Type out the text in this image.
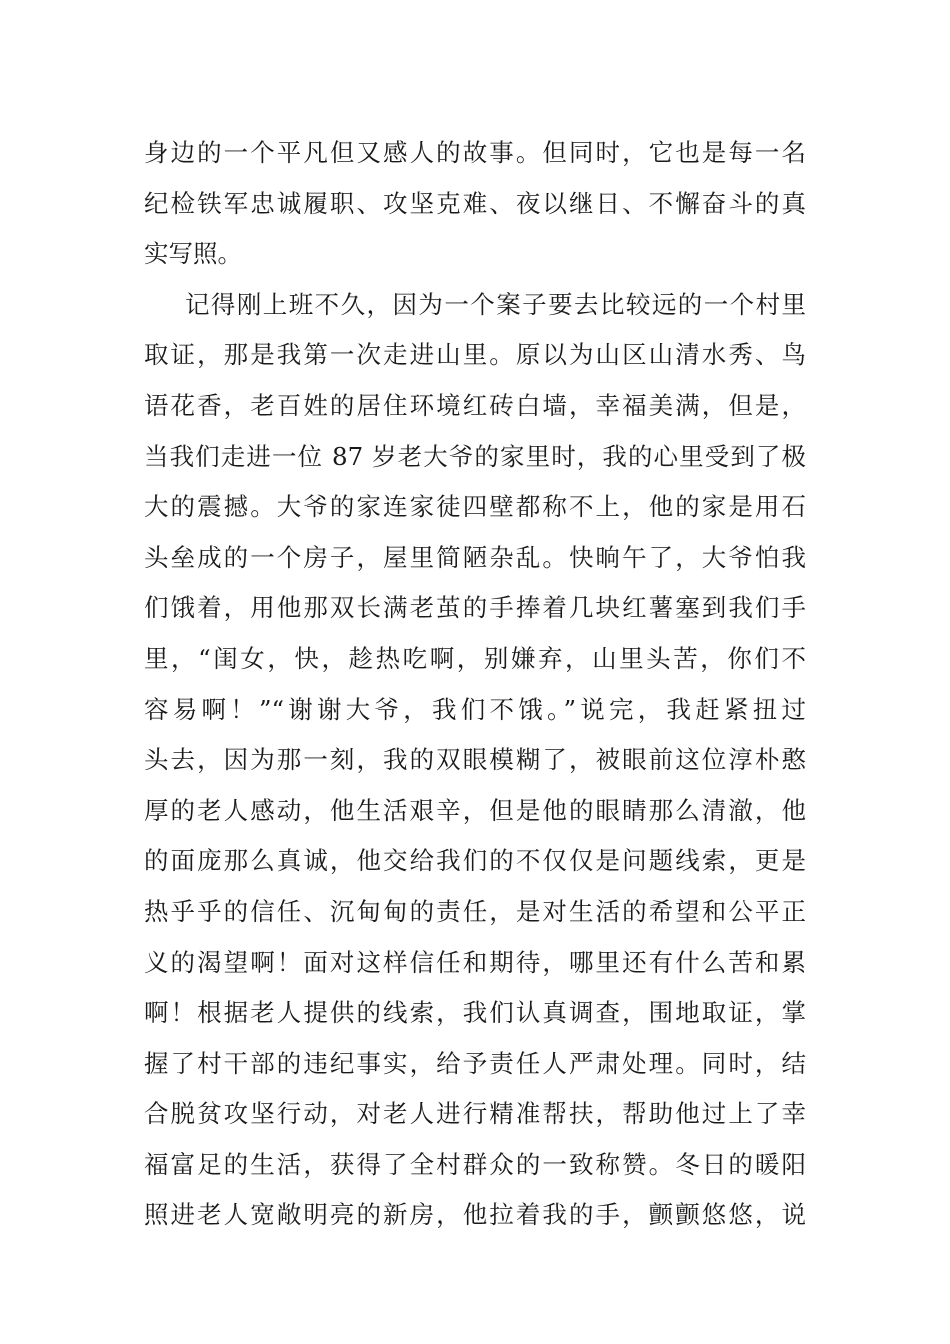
身边的一个平凡但又感人的故事。但同时，它也是每一名
纪检铁军忠诚履职、攻坚克难、夜以继日、不懈奋斗的真
实写照。
记得刚上班不久，因为一个案子要去比较远的一个村里
取证，那是我第一次走进山里。原以为山区山清水秀、鸟
语花香，老百姓的居住环境红砖白墙，幸福美满，但是，
当我们走进一位 87 岁老大爷的家里时，我的心里受到了极
大的震撼。大爷的家连家徒四壁都称不上，他的家是用石
头垒成的一个房子，屋里简陋杂乱。快晌午了，大爷怕我
们饿着，用他那双长满老茧的手捧着几块红薯塞到我们手
里，“闺女，快，趁热吃啊，别嫌弃，山里头苦，你们不
容易啊！”“谢谢大爷，我们不饿。”说完，我赶紧扭过
头去，因为那一刻，我的双眼模糊了，被眼前这位淳朴憨
厚的老人感动，他生活艰辛，但是他的眼睛那么清澈，他
的面庞那么真诚，他交给我们的不仅仅是问题线索，更是
热乎乎的信任、沉甸甸的责任，是对生活的希望和公平正
义的渴望啊！面对这样信任和期待，哪里还有什么苦和累
啊！根据老人提供的线索，我们认真调查，围地取证，掌
握了村干部的违纪事实，给予责任人严肃处理。同时，结
合脱贫攻坚行动，对老人进行精准帮扶，帮助他过上了幸
福富足的生活，获得了全村群众的一致称赞。冬日的暖阳
照进老人宽敞明亮的新房，他拉着我的手，颤颤悠悠，说
